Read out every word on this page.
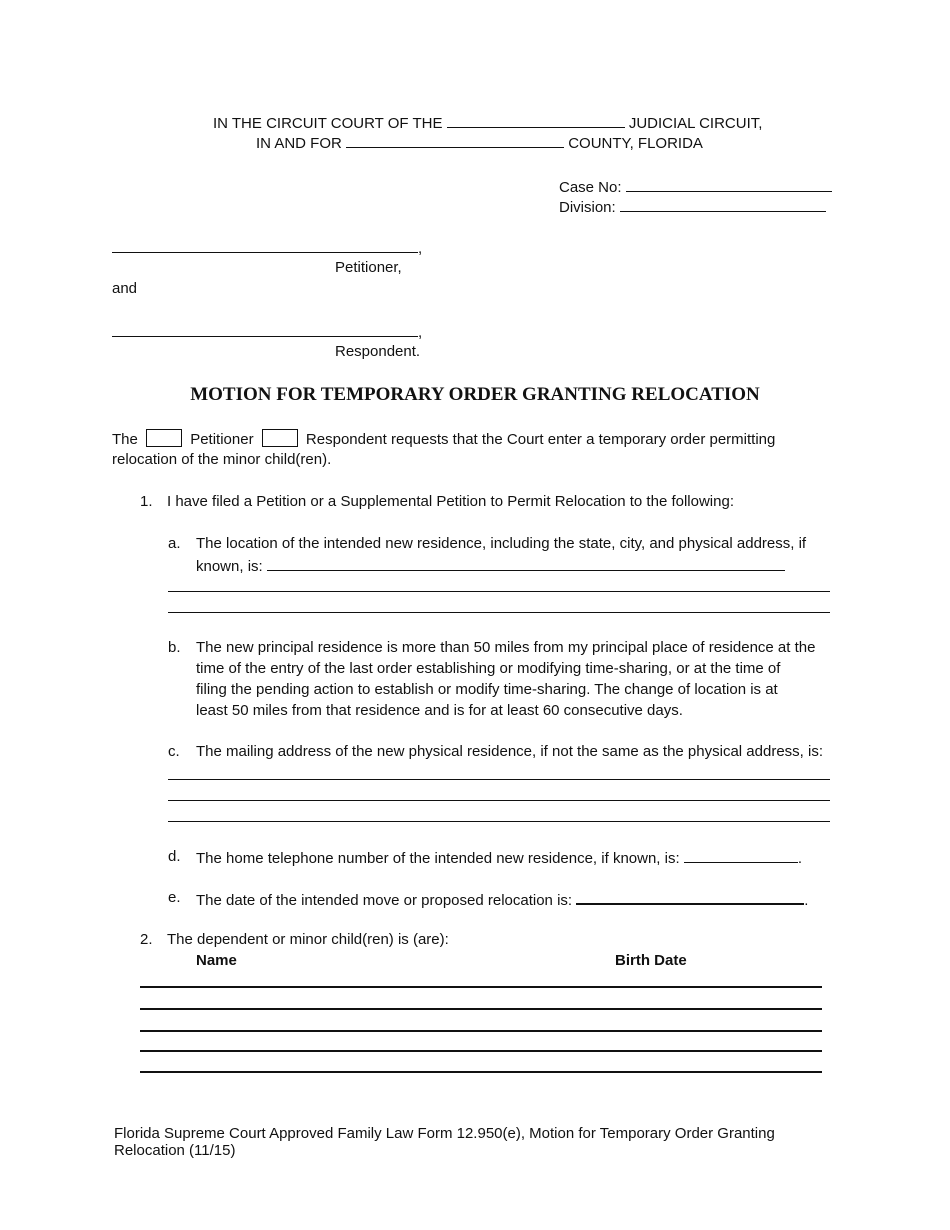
IN THE CIRCUIT COURT OF THE	JUDICIAL CIRCUIT,
IN AND FOR	COUNTY, FLORIDA
Case No:
Division:
,
Petitioner,
and
,
Respondent.
MOTION FOR TEMPORARY ORDER GRANTING RELOCATION
The	Petitioner	Respondent requests that the Court enter a temporary order permitting
relocation of the minor child(ren).
1. I have filed a Petition or a Supplemental Petition to Permit Relocation to the following:
a. The location of the intended new residence, including the state, city, and physical address, if
known, is:
b. The new principal residence is more than 50 miles from my principal place of residence at the
time of the entry of the last order establishing or modifying time-sharing, or at the time of
filing the pending action to establish or modify time-sharing. The change of location is at
least 50 miles from that residence and is for at least 60 consecutive days.
c. The mailing address of the new physical residence, if not the same as the physical address, is:
d. The home telephone number of the intended new residence, if known, is:	.
e. The date of the intended move or proposed relocation is:	.
2. The dependent or minor child(ren) is (are):
Name	Birth Date
Florida Supreme Court Approved Family Law Form 12.950(e), Motion for Temporary Order Granting
Relocation (11/15)
